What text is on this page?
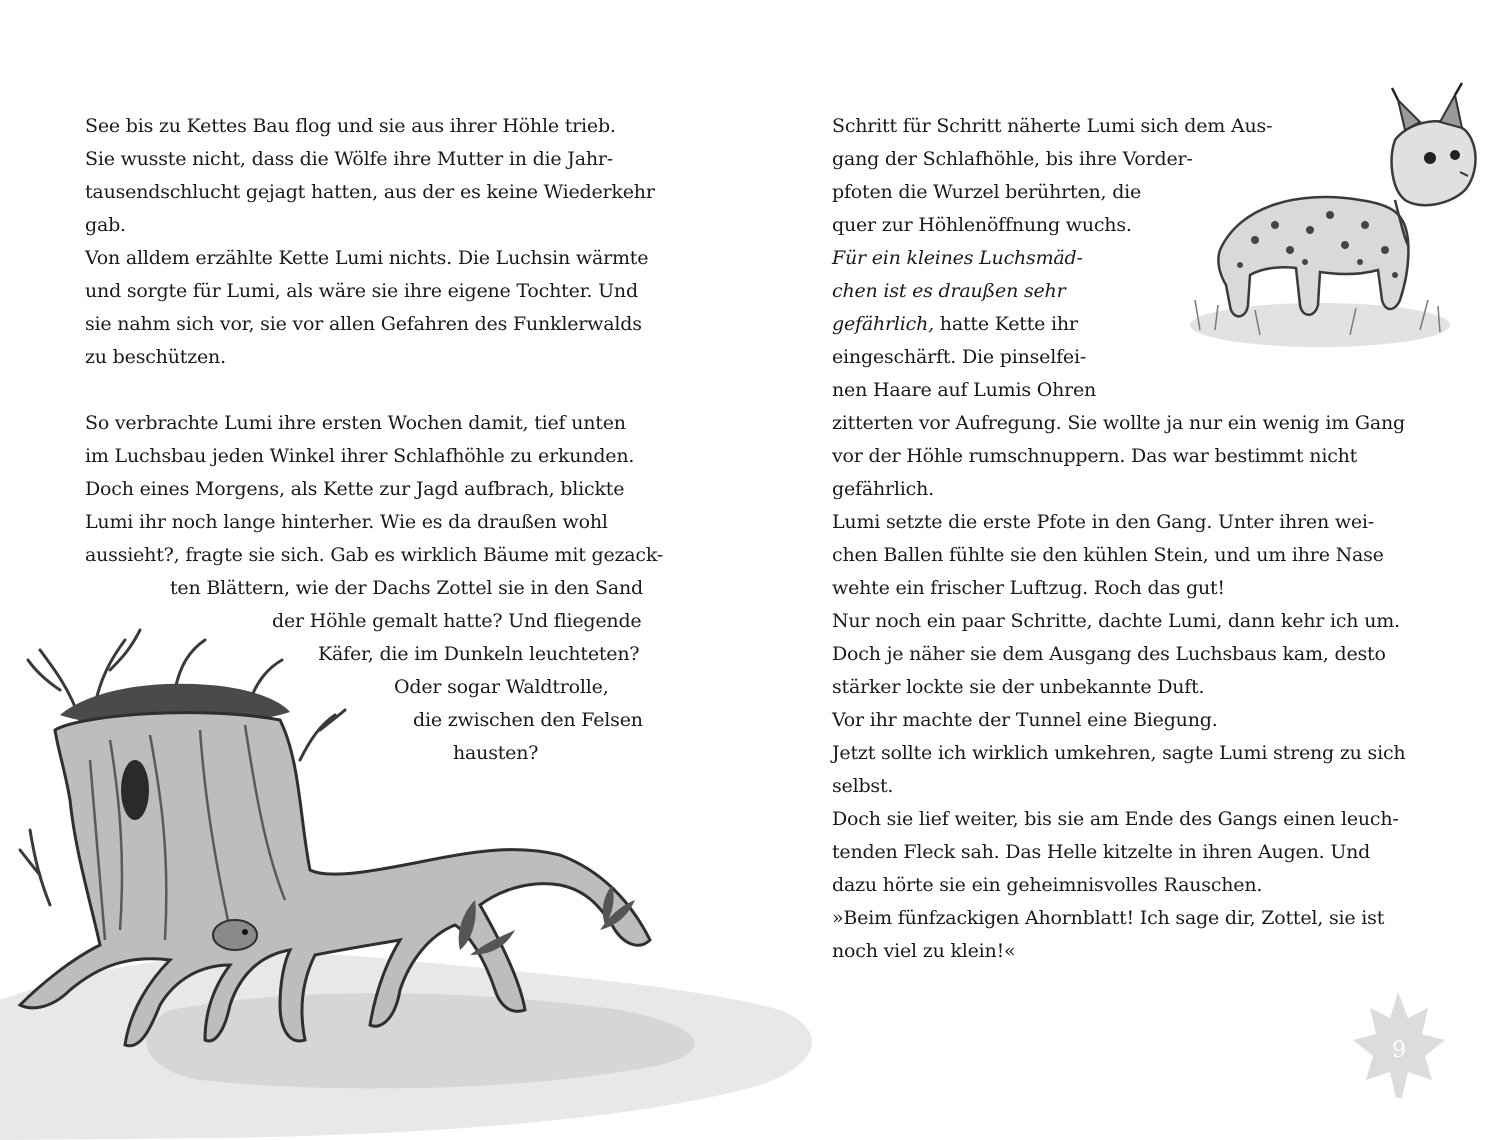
See bis zu Kettes Bau flog und sie aus ihrer Höhle trieb.
Sie wusste nicht, dass die Wölfe ihre Mutter in die Jahr-
tausendschlucht gejagt hatten, aus der es keine Wiederkehr
gab.
Von alldem erzählte Kette Lumi nichts. Die Luchsin wärmte
und sorgte für Lumi, als wäre sie ihre eigene Tochter. Und
sie nahm sich vor, sie vor allen Gefahren des Funklerwalds
zu beschützen.
So verbrachte Lumi ihre ersten Wochen damit, tief unten
im Luchsbau jeden Winkel ihrer Schlafhöhle zu erkunden.
Doch eines Morgens, als Kette zur Jagd aufbrach, blickte
Lumi ihr noch lange hinterher. Wie es da draußen wohl
aussieht?, fragte sie sich. Gab es wirklich Bäume mit gezack-
ten Blättern, wie der Dachs Zottel sie in den Sand
der Höhle gemalt hatte? Und fliegende
Käfer, die im Dunkeln leuchteten?
Oder sogar Waldtrolle,
die zwischen den Felsen
hausten?
Schritt für Schritt näherte Lumi sich dem Aus-
gang der Schlafhöhle, bis ihre Vorder-
pfoten die Wurzel berührten, die
quer zur Höhlenöffnung wuchs.
Für ein kleines Luchsmäd-
chen ist es draußen sehr
gefährlich, hatte Kette ihr
eingeschärft. Die pinselfei-
nen Haare auf Lumis Ohren
zitterten vor Aufregung. Sie wollte ja nur ein wenig im Gang
vor der Höhle rumschnuppern. Das war bestimmt nicht
gefährlich.
Lumi setzte die erste Pfote in den Gang. Unter ihren wei-
chen Ballen fühlte sie den kühlen Stein, und um ihre Nase
wehte ein frischer Luftzug. Roch das gut!
Nur noch ein paar Schritte, dachte Lumi, dann kehr ich um.
Doch je näher sie dem Ausgang des Luchsbaus kam, desto
stärker lockte sie der unbekannte Duft.
Vor ihr machte der Tunnel eine Biegung.
Jetzt sollte ich wirklich umkehren, sagte Lumi streng zu sich
selbst.
Doch sie lief weiter, bis sie am Ende des Gangs einen leuch-
tenden Fleck sah. Das Helle kitzelte in ihren Augen. Und
dazu hörte sie ein geheimnisvolles Rauschen.
»Beim fünfzackigen Ahornblatt! Ich sage dir, Zottel, sie ist
noch viel zu klein!«
9
